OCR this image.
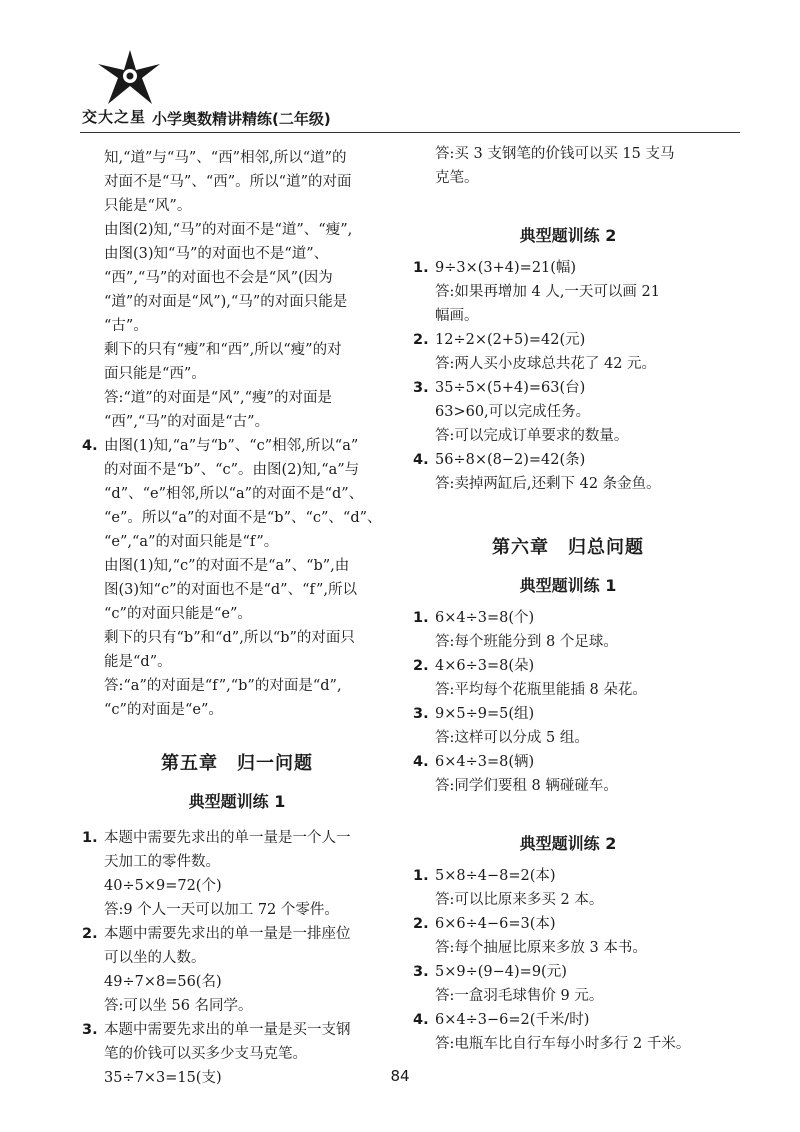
交大之星 小学奥数精讲精练(二年级)
知,“道”与“马”、“西”相邻,所以“道”的
对面不是“马”、“西”。所以“道”的对面
只能是“风”。
由图(2)知,“马”的对面不是“道”、“瘦”,
由图(3)知“马”的对面也不是“道”、
“西”,“马”的对面也不会是“风”(因为
“道”的对面是“风”),“马”的对面只能是
“古”。
剩下的只有“瘦”和“西”,所以“瘦”的对
面只能是“西”。
答:“道”的对面是“风”,“瘦”的对面是
“西”,“马”的对面是“古”。
4. 由图(1)知,“a”与“b”、“c”相邻,所以“a”
的对面不是“b”、“c”。由图(2)知,“a”与
“d”、“e”相邻,所以“a”的对面不是“d”、
“e”。所以“a”的对面不是“b”、“c”、“d”、
“e”,“a”的对面只能是“f”。
由图(1)知,“c”的对面不是“a”、“b”,由
图(3)知“c”的对面也不是“d”、“f”,所以
“c”的对面只能是“e”。
剩下的只有“b”和“d”,所以“b”的对面只
能是“d”。
答:“a”的对面是“f”,“b”的对面是“d”,
“c”的对面是“e”。
第五章　归一问题
典型题训练 1
1. 本题中需要先求出的单一量是一个人一
天加工的零件数。
40÷5×9=72(个)
答:9 个人一天可以加工 72 个零件。
2. 本题中需要先求出的单一量是一排座位
可以坐的人数。
49÷7×8=56(名)
答:可以坐 56 名同学。
3. 本题中需要先求出的单一量是买一支钢
笔的价钱可以买多少支马克笔。
35÷7×3=15(支)
答:买 3 支钢笔的价钱可以买 15 支马
克笔。
典型题训练 2
1. 9÷3×(3+4)=21(幅)
答:如果再增加 4 人,一天可以画 21
幅画。
2. 12÷2×(2+5)=42(元)
答:两人买小皮球总共花了 42 元。
3. 35÷5×(5+4)=63(台)
63>60,可以完成任务。
答:可以完成订单要求的数量。
4. 56÷8×(8−2)=42(条)
答:卖掉两缸后,还剩下 42 条金鱼。
第六章　归总问题
典型题训练 1
1. 6×4÷3=8(个)
答:每个班能分到 8 个足球。
2. 4×6÷3=8(朵)
答:平均每个花瓶里能插 8 朵花。
3. 9×5÷9=5(组)
答:这样可以分成 5 组。
4. 6×4÷3=8(辆)
答:同学们要租 8 辆碰碰车。
典型题训练 2
1. 5×8÷4−8=2(本)
答:可以比原来多买 2 本。
2. 6×6÷4−6=3(本)
答:每个抽屉比原来多放 3 本书。
3. 5×9÷(9−4)=9(元)
答:一盒羽毛球售价 9 元。
4. 6×4÷3−6=2(千米/时)
答:电瓶车比自行车每小时多行 2 千米。
84
